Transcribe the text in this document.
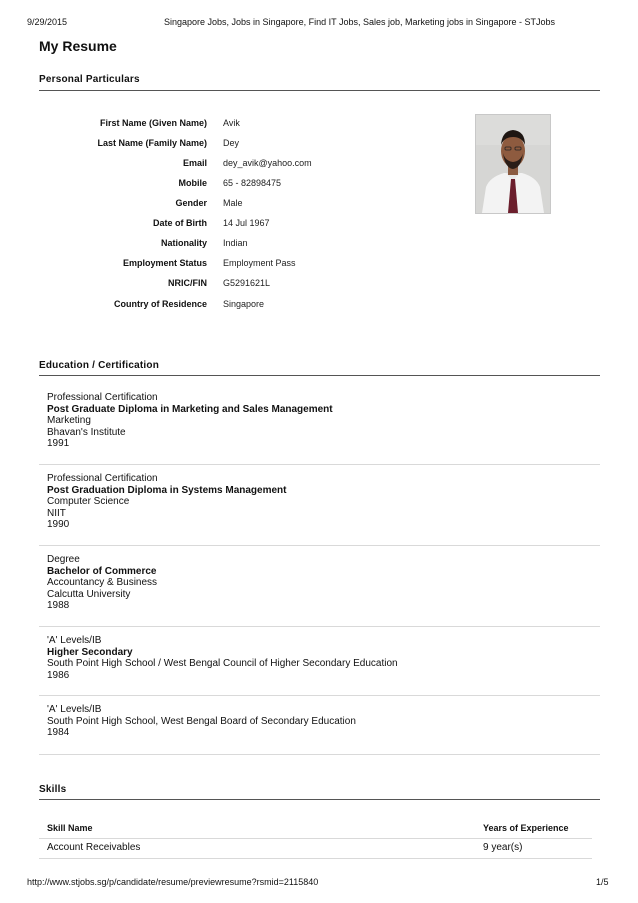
9/29/2015	Singapore Jobs, Jobs in Singapore, Find IT Jobs, Sales job, Marketing jobs in Singapore - STJobs
My Resume
Personal Particulars
First Name (Given Name) Avik
Last Name (Family Name) Dey
Email dey_avik@yahoo.com
Mobile 65 - 82898475
Gender Male
Date of Birth 14 Jul 1967
Nationality Indian
Employment Status Employment Pass
NRIC/FIN G5291621L
Country of Residence Singapore
Education / Certification
Professional Certification
Post Graduate Diploma in Marketing and Sales Management
Marketing
Bhavan's Institute
1991
Professional Certification
Post Graduation Diploma in Systems Management
Computer Science
NIIT
1990
Degree
Bachelor of Commerce
Accountancy & Business
Calcutta University
1988
'A' Levels/IB
Higher Secondary
South Point High School / West Bengal Council of Higher Secondary Education
1986
'A' Levels/IB
South Point High School, West Bengal Board of Secondary Education
1984
Skills
Skill Name	Years of Experience
Account Receivables	9 year(s)
http://www.stjobs.sg/p/candidate/resume/previewresume?rsmid=2115840	1/5
